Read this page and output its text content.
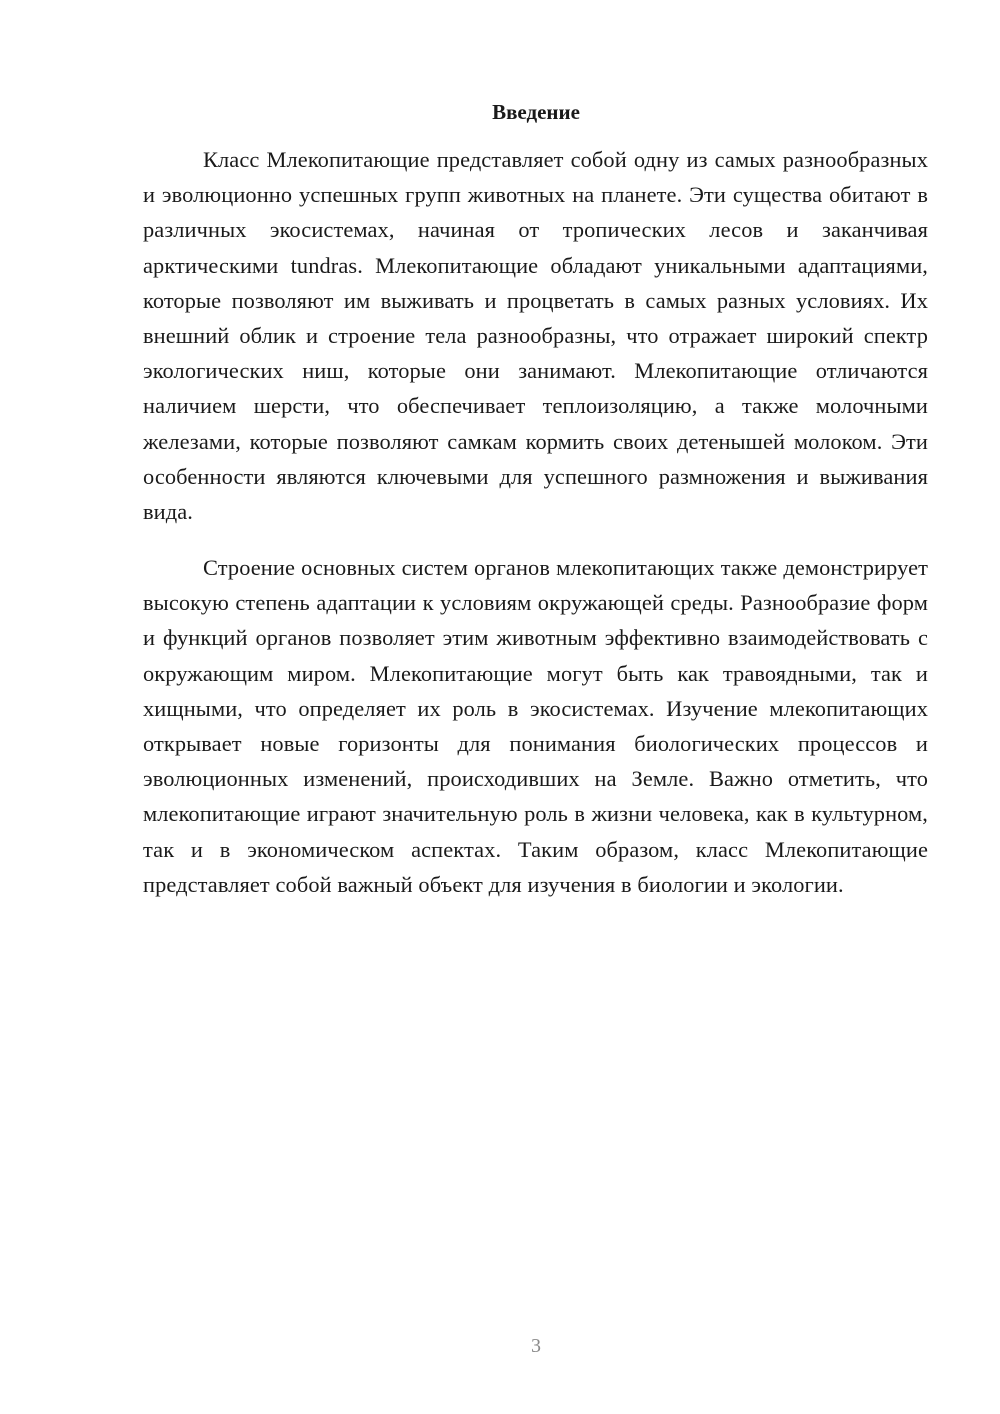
Введение

Класс Млекопитающие представляет собой одну из самых разнообразных и эволюционно успешных групп животных на планете. Эти существа обитают в различных экосистемах, начиная от тропических лесов и заканчивая арктическими tundras. Млекопитающие обладают уникальными адаптациями, которые позволяют им выживать и процветать в самых разных условиях. Их внешний облик и строение тела разнообразны, что отражает широкий спектр экологических ниш, которые они занимают. Млекопитающие отличаются наличием шерсти, что обеспечивает теплоизоляцию, а также молочными железами, которые позволяют самкам кормить своих детенышей молоком. Эти особенности являются ключевыми для успешного размножения и выживания вида.

Строение основных систем органов млекопитающих также демонстрирует высокую степень адаптации к условиям окружающей среды. Разнообразие форм и функций органов позволяет этим животным эффективно взаимодействовать с окружающим миром. Млекопитающие могут быть как травоядными, так и хищными, что определяет их роль в экосистемах. Изучение млекопитающих открывает новые горизонты для понимания биологических процессов и эволюционных изменений, происходивших на Земле. Важно отметить, что млекопитающие играют значительную роль в жизни человека, как в культурном, так и в экономическом аспектах. Таким образом, класс Млекопитающие представляет собой важный объект для изучения в биологии и экологии.

3
